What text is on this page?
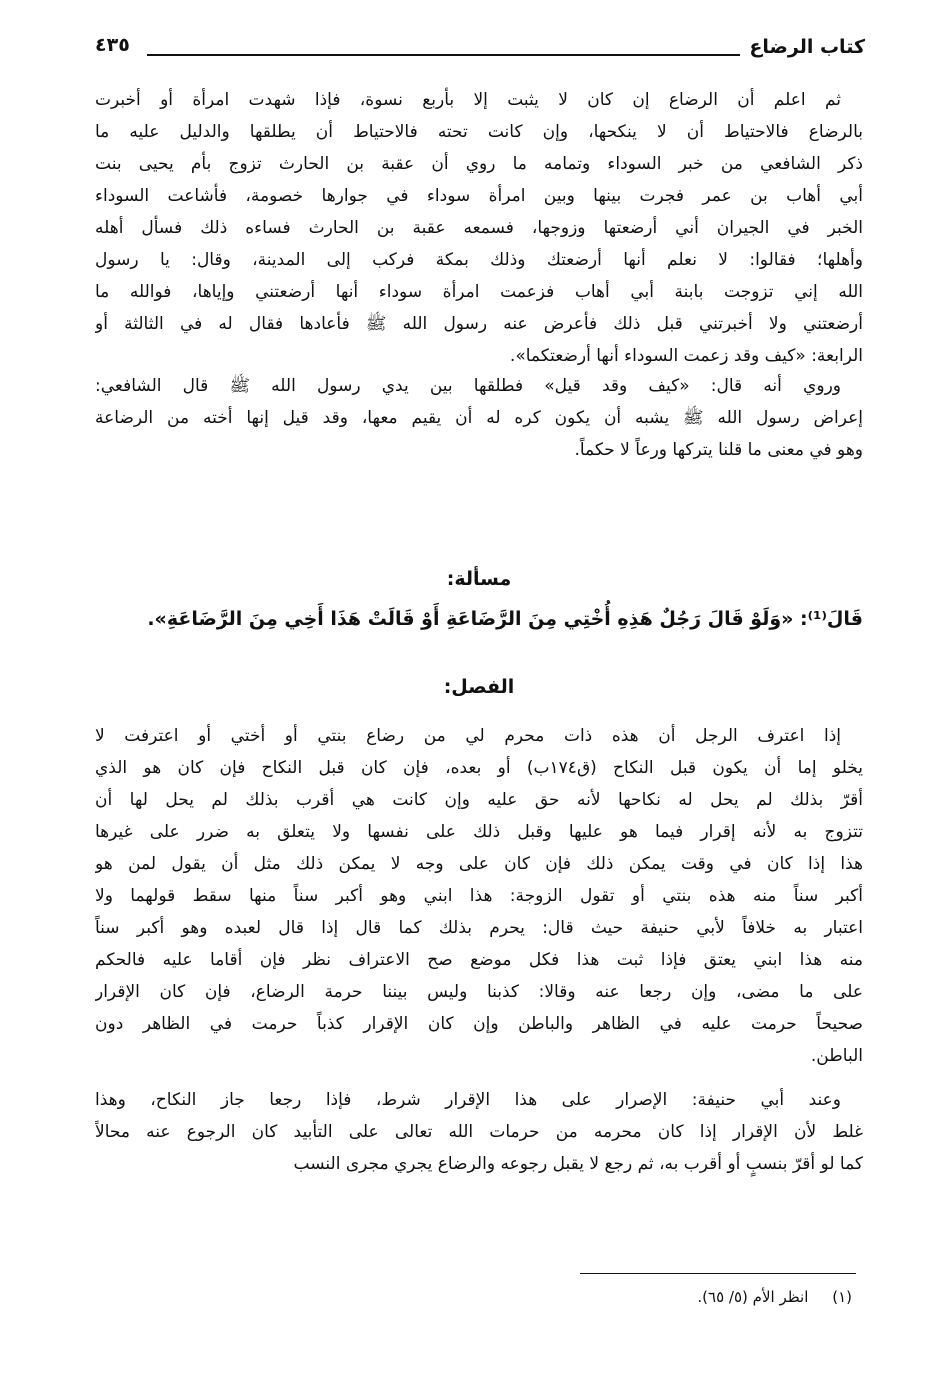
كتاب الرضاع
٤٣٥
ثم اعلم أن الرضاع إن كان لا يثبت إلا بأربع نسوة، فإذا شهدت امرأة أو أخبرت
بالرضاع فالاحتياط أن لا ينكحها، وإن كانت تحته فالاحتياط أن يطلقها والدليل عليه ما
ذكر الشافعي من خبر السوداء وتمامه ما روي أن عقبة بن الحارث تزوج بأم يحيى بنت
أبي أهاب بن عمر فجرت بينها وبين امرأة سوداء في جوارها خصومة، فأشاعت السوداء
الخبر في الجيران أني أرضعتها وزوجها، فسمعه عقبة بن الحارث فساءه ذلك فسأل أهله
وأهلها؛ فقالوا: لا نعلم أنها أرضعتك وذلك بمكة فركب إلى المدينة، وقال: يا رسول
الله إني تزوجت بابنة أبي أهاب فزعمت امرأة سوداء أنها أرضعتني وإياها، فوالله ما
أرضعتني ولا أخبرتني قبل ذلك فأعرض عنه رسول الله ﷺ فأعادها فقال له في الثالثة أو
الرابعة: «كيف وقد زعمت السوداء أنها أرضعتكما».
وروي أنه قال: «كيف وقد قيل» فطلقها بين يدي رسول الله ﷺ قال الشافعي:
إعراض رسول الله ﷺ يشبه أن يكون كره له أن يقيم معها، وقد قيل إنها أخته من الرضاعة
وهو في معنى ما قلنا يتركها ورعاً لا حكماً.
مسألة:
قَالَ⁽¹⁾: «وَلَوْ قَالَ رَجُلٌ هَذِهِ أُخْتِي مِنَ الرَّضَاعَةِ أَوْ قَالَتْ هَذَا أَخِي مِنَ الرَّضَاعَةِ».
الفصل:
إذا اعترف الرجل أن هذه ذات محرم لي من رضاع بنتي أو أختي أو اعترفت لا
يخلو إما أن يكون قبل النكاح (ق١٧٤ب) أو بعده، فإن كان قبل النكاح فإن كان هو الذي
أقرّ بذلك لم يحل له نكاحها لأنه حق عليه وإن كانت هي أقرب بذلك لم يحل لها أن
تتزوج به لأنه إقرار فيما هو عليها وقبل ذلك على نفسها ولا يتعلق به ضرر على غيرها
هذا إذا كان في وقت يمكن ذلك فإن كان على وجه لا يمكن ذلك مثل أن يقول لمن هو
أكبر سناً منه هذه بنتي أو تقول الزوجة: هذا ابني وهو أكبر سناً منها سقط قولهما ولا
اعتبار به خلافاً لأبي حنيفة حيث قال: يحرم بذلك كما قال إذا قال لعبده وهو أكبر سناً
منه هذا ابني يعتق فإذا ثبت هذا فكل موضع صح الاعتراف نظر فإن أقاما عليه فالحكم
على ما مضى، وإن رجعا عنه وقالا: كذبنا وليس بيننا حرمة الرضاع، فإن كان الإقرار
صحيحاً حرمت عليه في الظاهر والباطن وإن كان الإقرار كذباً حرمت في الظاهر دون
الباطن.
وعند أبي حنيفة: الإصرار على هذا الإقرار شرط، فإذا رجعا جاز النكاح، وهذا
غلط لأن الإقرار إذا كان محرمه من حرمات الله تعالى على التأبيد كان الرجوع عنه محالاً
كما لو أقرّ بنسبٍ أو أقرب به، ثم رجع لا يقبل رجوعه والرضاع يجري مجرى النسب
(١)     انظر الأم (٥/ ٦٥).
